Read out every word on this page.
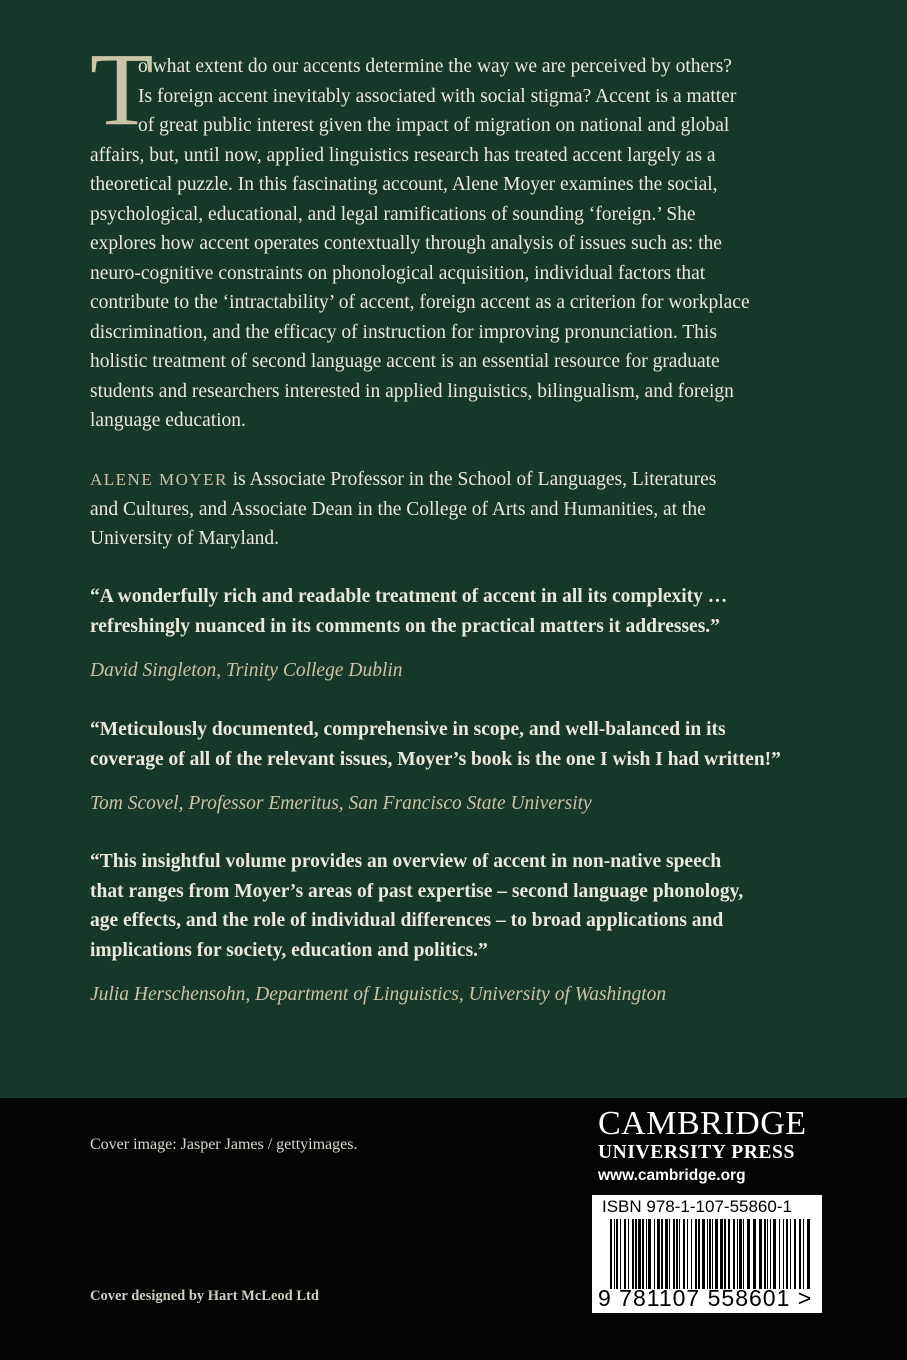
T
o what extent do our accents determine the way we are perceived by others?
Is foreign accent inevitably associated with social stigma? Accent is a matter
of great public interest given the impact of migration on national and global
affairs, but, until now, applied linguistics research has treated accent largely as a
theoretical puzzle. In this fascinating account, Alene Moyer examines the social,
psychological, educational, and legal ramifications of sounding ‘foreign.’ She
explores how accent operates contextually through analysis of issues such as: the
neuro-cognitive constraints on phonological acquisition, individual factors that
contribute to the ‘intractability’ of accent, foreign accent as a criterion for workplace
discrimination, and the efficacy of instruction for improving pronunciation. This
holistic treatment of second language accent is an essential resource for graduate
students and researchers interested in applied linguistics, bilingualism, and foreign
language education.
ALENE MOYER is Associate Professor in the School of Languages, Literatures
and Cultures, and Associate Dean in the College of Arts and Humanities, at the
University of Maryland.
“A wonderfully rich and readable treatment of accent in all its complexity …
refreshingly nuanced in its comments on the practical matters it addresses.”
David Singleton, Trinity College Dublin
“Meticulously documented, comprehensive in scope, and well-balanced in its
coverage of all of the relevant issues, Moyer’s book is the one I wish I had written!”
Tom Scovel, Professor Emeritus, San Francisco State University
“This insightful volume provides an overview of accent in non-native speech
that ranges from Moyer’s areas of past expertise – second language phonology,
age effects, and the role of individual differences – to broad applications and
implications for society, education and politics.”
Julia Herschensohn, Department of Linguistics, University of Washington
Cover image: Jasper James / gettyimages.
Cover designed by Hart McLeod Ltd
CAMBRIDGE
UNIVERSITY PRESS
www.cambridge.org
ISBN 978-1-107-55860-1
9 781107 558601 >
